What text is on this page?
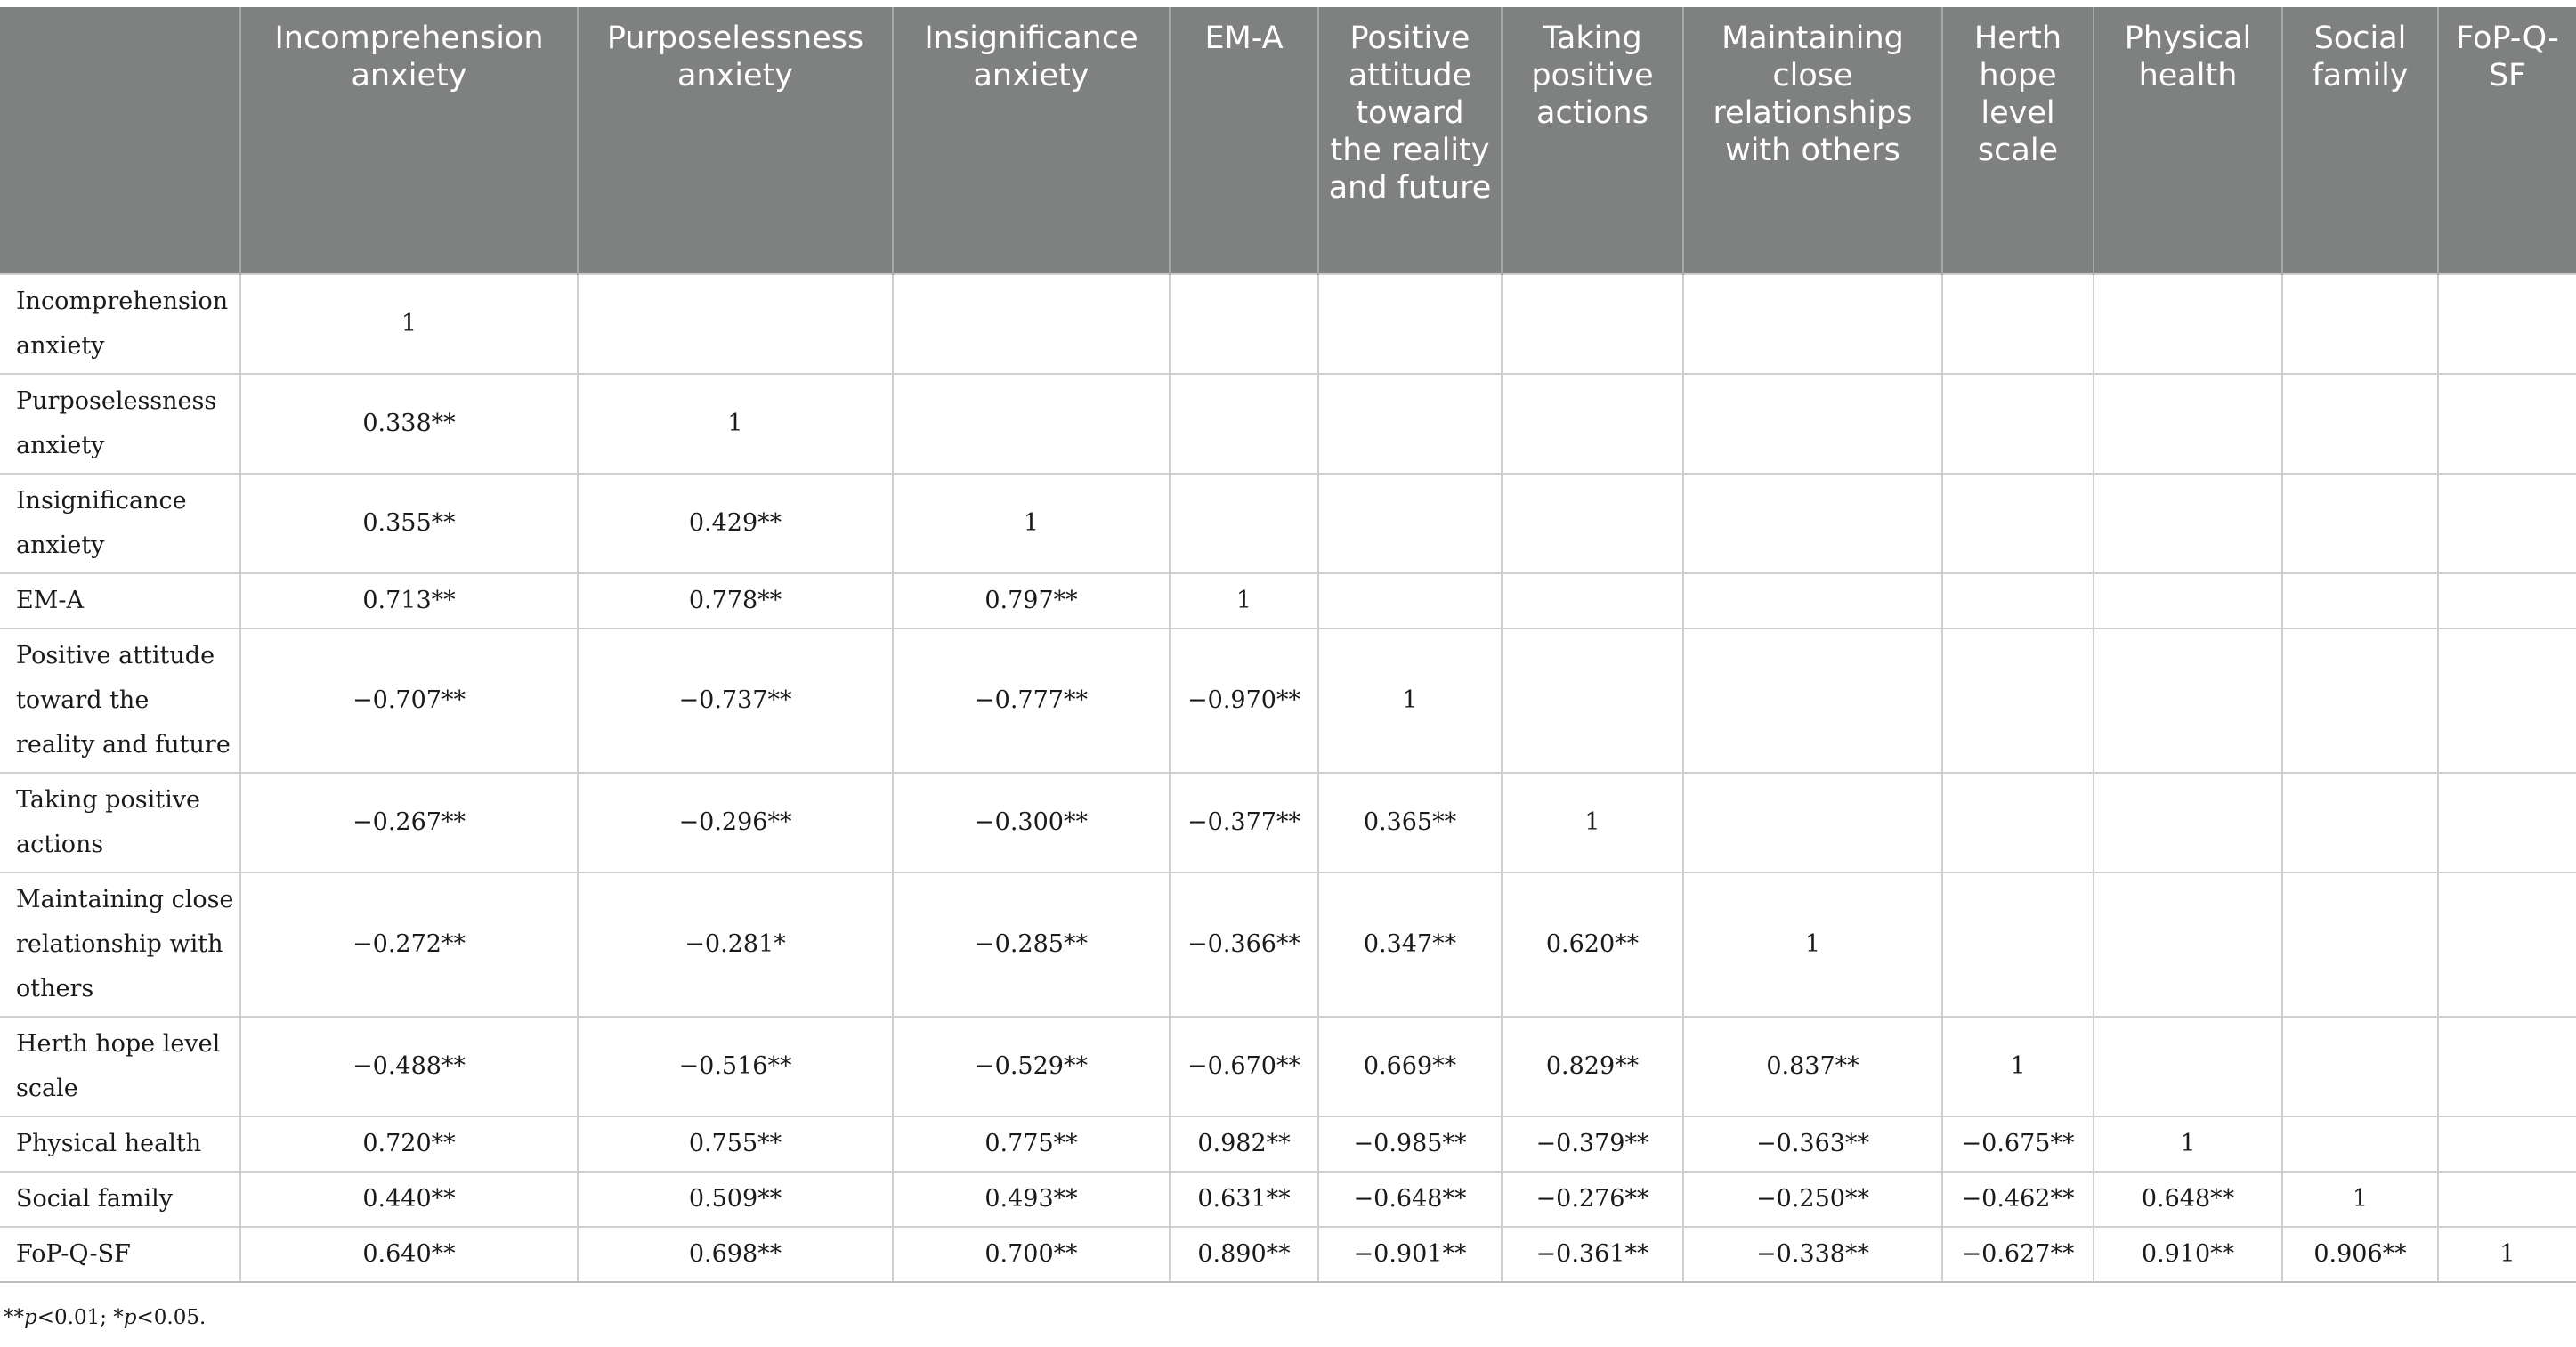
	Incomprehension anxiety	Purposelessness anxiety	Insignificance anxiety	EM-A	Positive attitude toward the reality and future	Taking positive actions	Maintaining close relationships with others	Herth hope level scale	Physical health	Social family	FoP-Q-SF
Incomprehension anxiety	1										
Purposelessness anxiety	0.338**	1									
Insignificance anxiety	0.355**	0.429**	1								
EM-A	0.713**	0.778**	0.797**	1							
Positive attitude toward the reality and future	−0.707**	−0.737**	−0.777**	−0.970**	1						
Taking positive actions	−0.267**	−0.296**	−0.300**	−0.377**	0.365**	1					
Maintaining close relationship with others	−0.272**	−0.281*	−0.285**	−0.366**	0.347**	0.620**	1				
Herth hope level scale	−0.488**	−0.516**	−0.529**	−0.670**	0.669**	0.829**	0.837**	1			
Physical health	0.720**	0.755**	0.775**	0.982**	−0.985**	−0.379**	−0.363**	−0.675**	1		
Social family	0.440**	0.509**	0.493**	0.631**	−0.648**	−0.276**	−0.250**	−0.462**	0.648**	1	
FoP-Q-SF	0.640**	0.698**	0.700**	0.890**	−0.901**	−0.361**	−0.338**	−0.627**	0.910**	0.906**	1
**p<0.01; *p<0.05.
